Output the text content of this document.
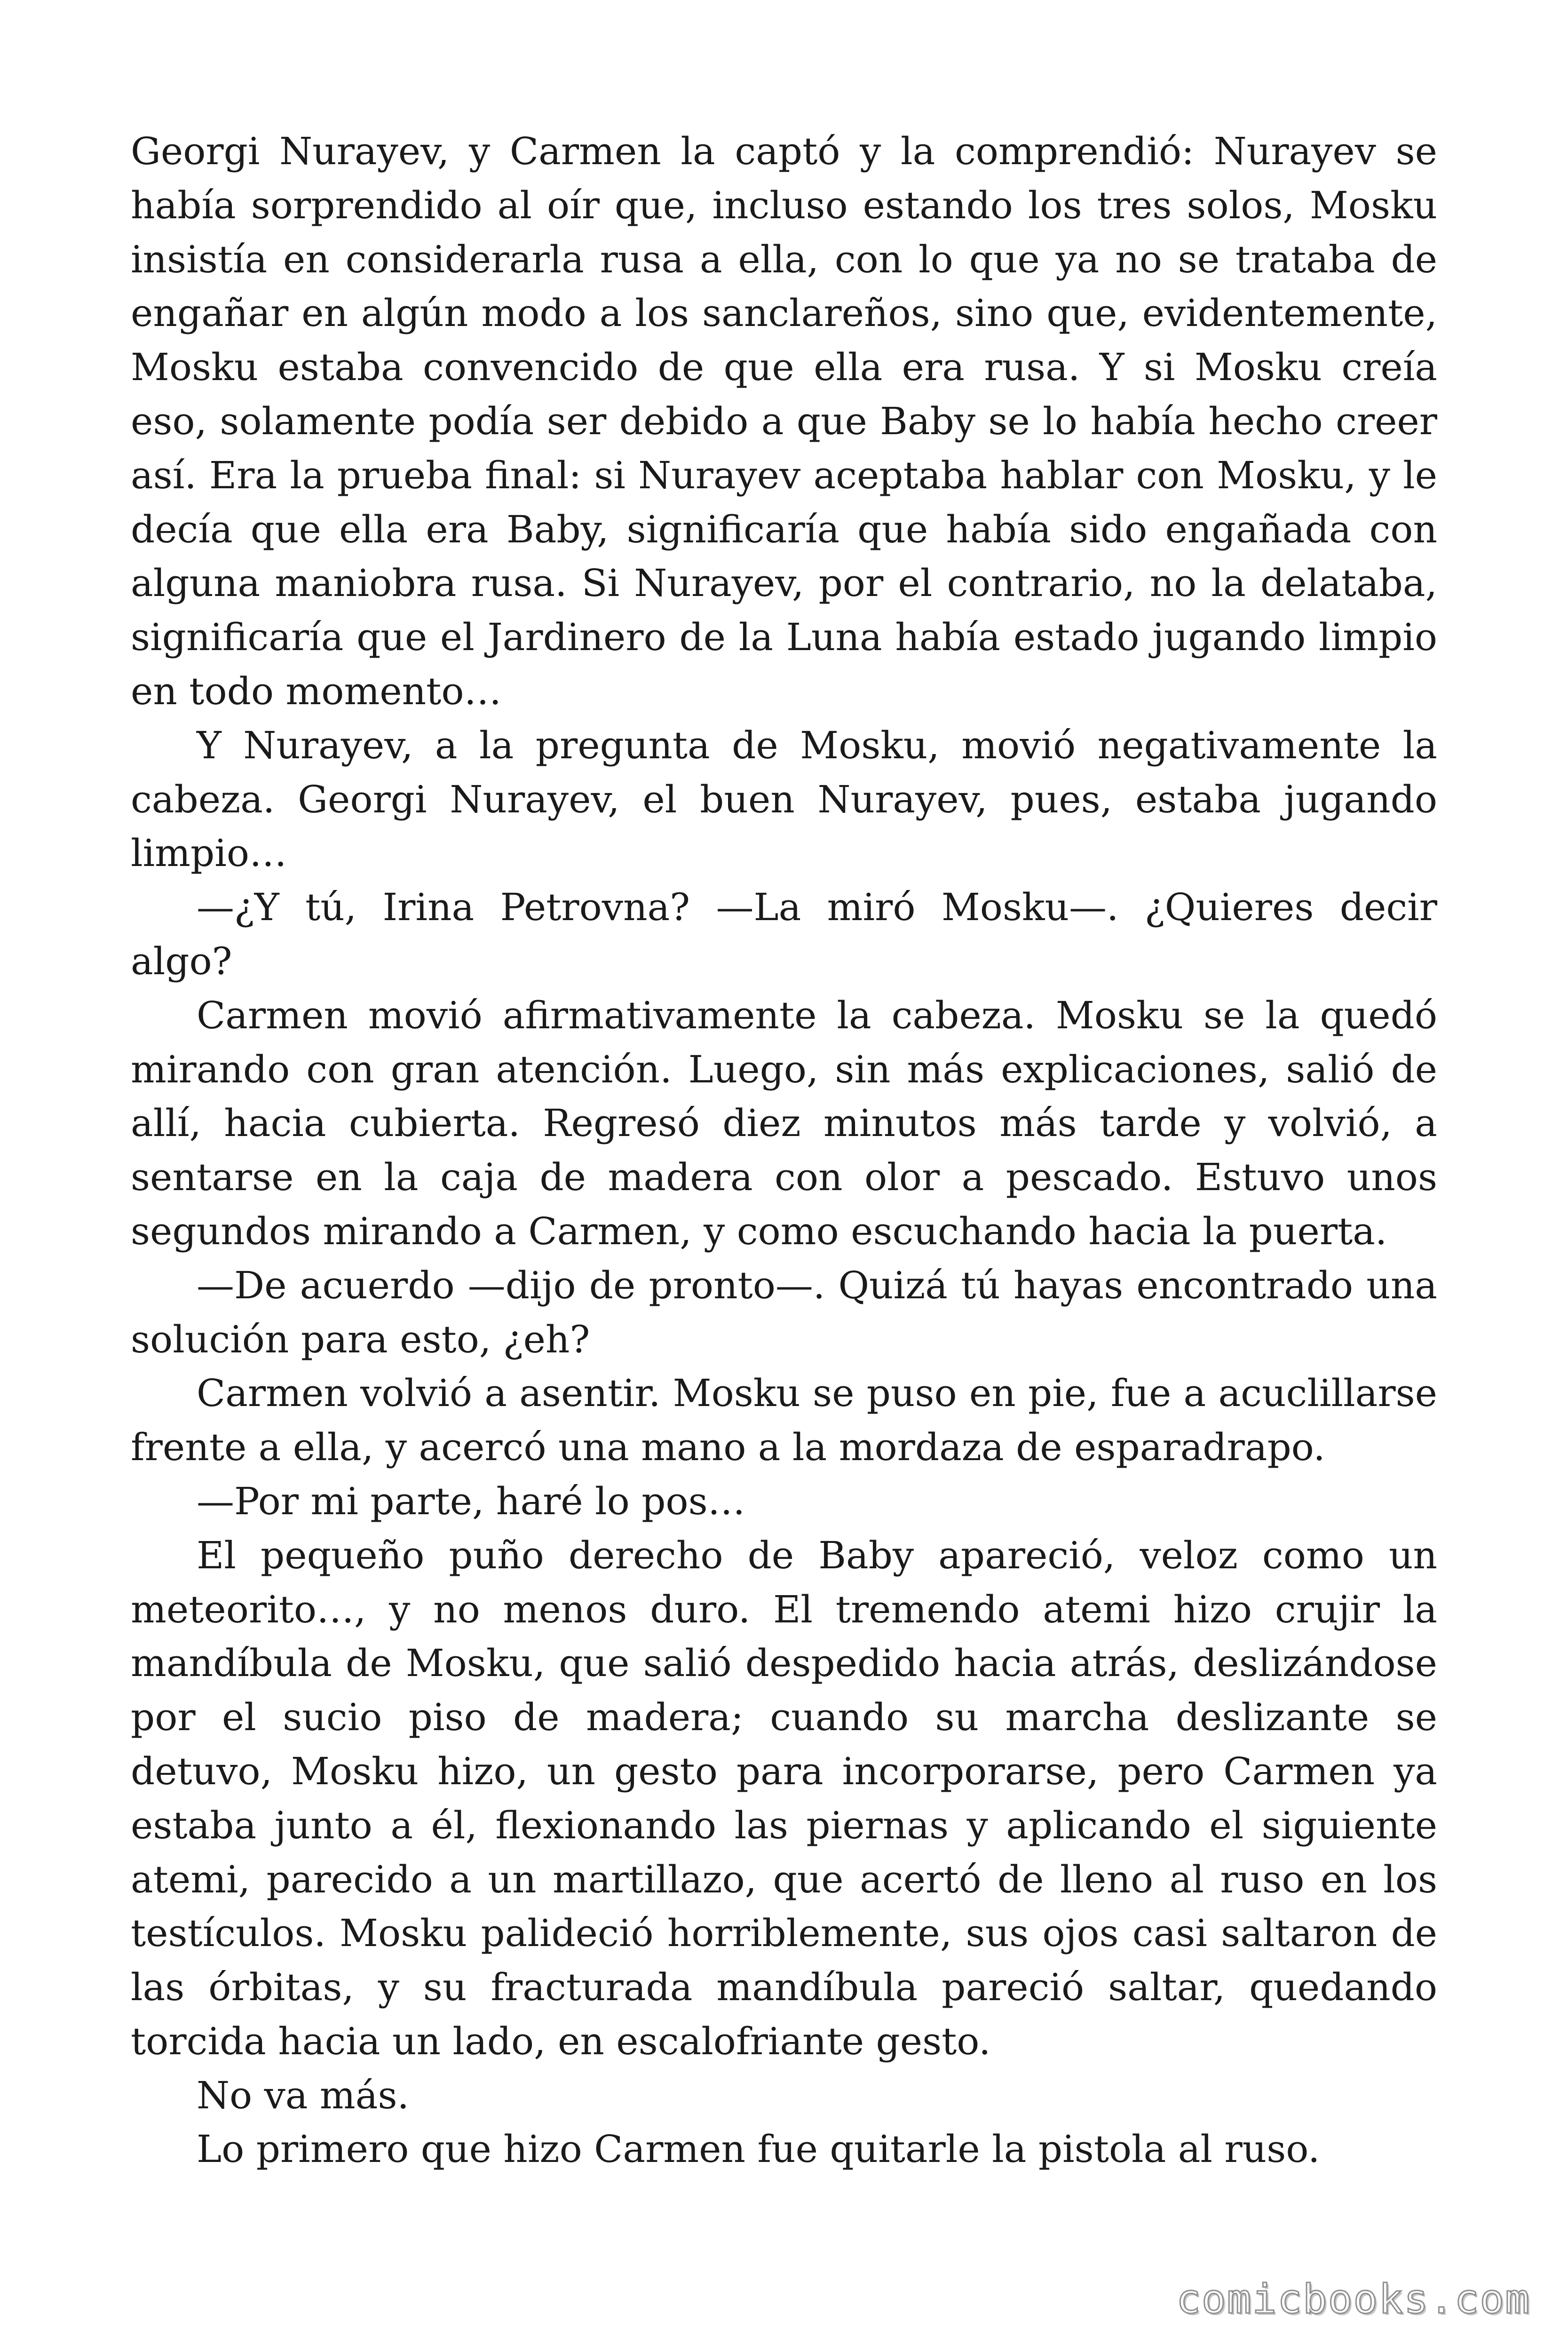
Georgi Nurayev, y Carmen la captó y la comprendió: Nurayev se había sorprendido al oír que, incluso estando los tres solos, Mosku insistía en considerarla rusa a ella, con lo que ya no se trataba de engañar en algún modo a los sanclareños, sino que, evidentemente, Mosku estaba convencido de que ella era rusa. Y si Mosku creía eso, solamente podía ser debido a que Baby se lo había hecho creer así. Era la prueba final: si Nurayev aceptaba hablar con Mosku, y le decía que ella era Baby, significaría que había sido engañada con alguna maniobra rusa. Si Nurayev, por el contrario, no la delataba, significaría que el Jardinero de la Luna había estado jugando limpio en todo momento…

Y Nurayev, a la pregunta de Mosku, movió negativamente la cabeza. Georgi Nurayev, el buen Nurayev, pues, estaba jugando limpio…

—¿Y tú, Irina Petrovna? —La miró Mosku—. ¿Quieres decir algo?

Carmen movió afirmativamente la cabeza. Mosku se la quedó mirando con gran atención. Luego, sin más explicaciones, salió de allí, hacia cubierta. Regresó diez minutos más tarde y volvió, a sentarse en la caja de madera con olor a pescado. Estuvo unos segundos mirando a Carmen, y como escuchando hacia la puerta.

—De acuerdo —dijo de pronto—. Quizá tú hayas encontrado una solución para esto, ¿eh?

Carmen volvió a asentir. Mosku se puso en pie, fue a acuclillarse frente a ella, y acercó una mano a la mordaza de esparadrapo.

—Por mi parte, haré lo pos…

El pequeño puño derecho de Baby apareció, veloz como un meteorito…, y no menos duro. El tremendo atemi hizo crujir la mandíbula de Mosku, que salió despedido hacia atrás, deslizándose por el sucio piso de madera; cuando su marcha deslizante se detuvo, Mosku hizo, un gesto para incorporarse, pero Carmen ya estaba junto a él, flexionando las piernas y aplicando el siguiente atemi, parecido a un martillazo, que acertó de lleno al ruso en los testículos. Mosku palideció horriblemente, sus ojos casi saltaron de las órbitas, y su fracturada mandíbula pareció saltar, quedando torcida hacia un lado, en escalofriante gesto.

No va más.

Lo primero que hizo Carmen fue quitarle la pistola al ruso.

comicbooks.com
